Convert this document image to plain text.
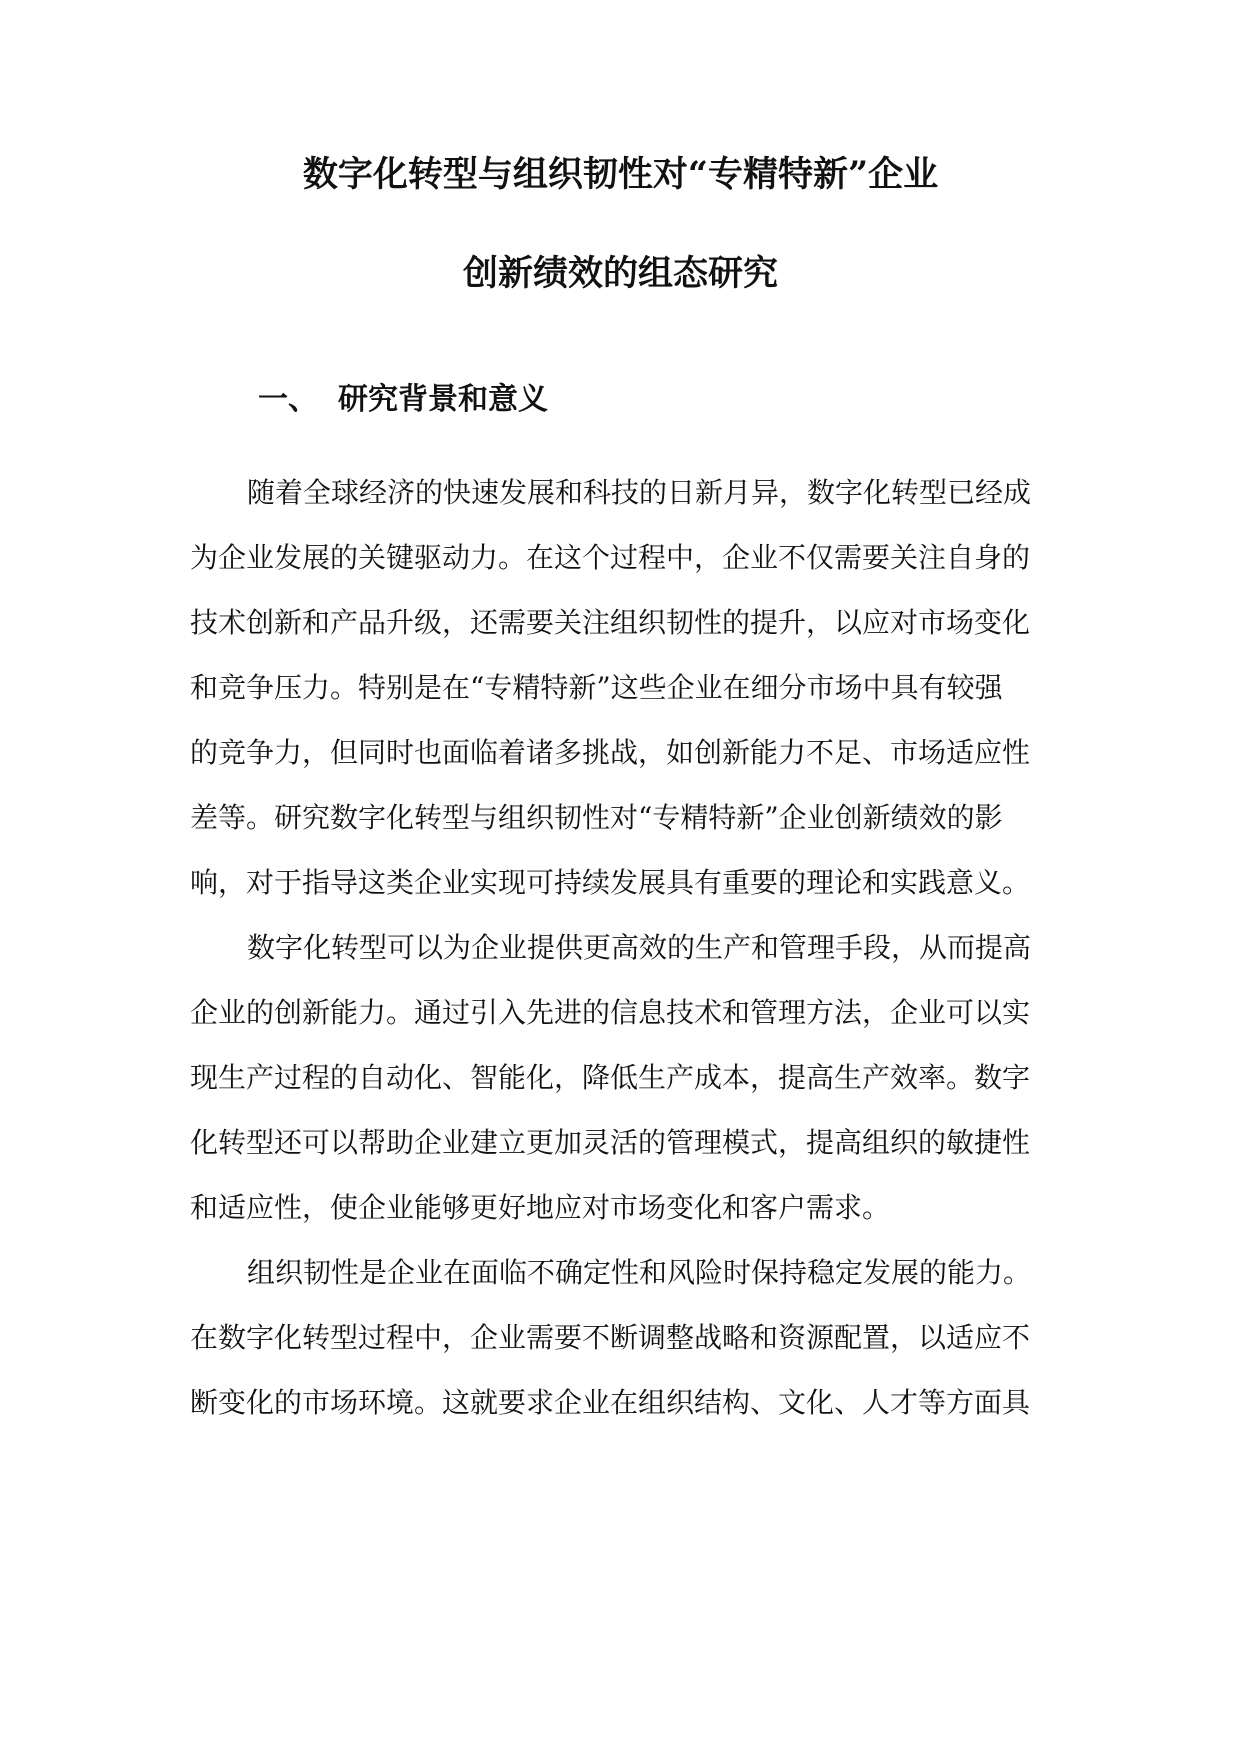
数字化转型与组织韧性对“专精特新”企业
创新绩效的组态研究
一、 研究背景和意义
随着全球经济的快速发展和科技的日新月异，数字化转型已经成
为企业发展的关键驱动力。在这个过程中，企业不仅需要关注自身的
技术创新和产品升级，还需要关注组织韧性的提升，以应对市场变化
和竞争压力。特别是在“专精特新”这些企业在细分市场中具有较强
的竞争力，但同时也面临着诸多挑战，如创新能力不足、市场适应性
差等。研究数字化转型与组织韧性对“专精特新”企业创新绩效的影
响，对于指导这类企业实现可持续发展具有重要的理论和实践意义。
数字化转型可以为企业提供更高效的生产和管理手段，从而提高
企业的创新能力。通过引入先进的信息技术和管理方法，企业可以实
现生产过程的自动化、智能化，降低生产成本，提高生产效率。数字
化转型还可以帮助企业建立更加灵活的管理模式，提高组织的敏捷性
和适应性，使企业能够更好地应对市场变化和客户需求。
组织韧性是企业在面临不确定性和风险时保持稳定发展的能力。
在数字化转型过程中，企业需要不断调整战略和资源配置，以适应不
断变化的市场环境。这就要求企业在组织结构、文化、人才等方面具
